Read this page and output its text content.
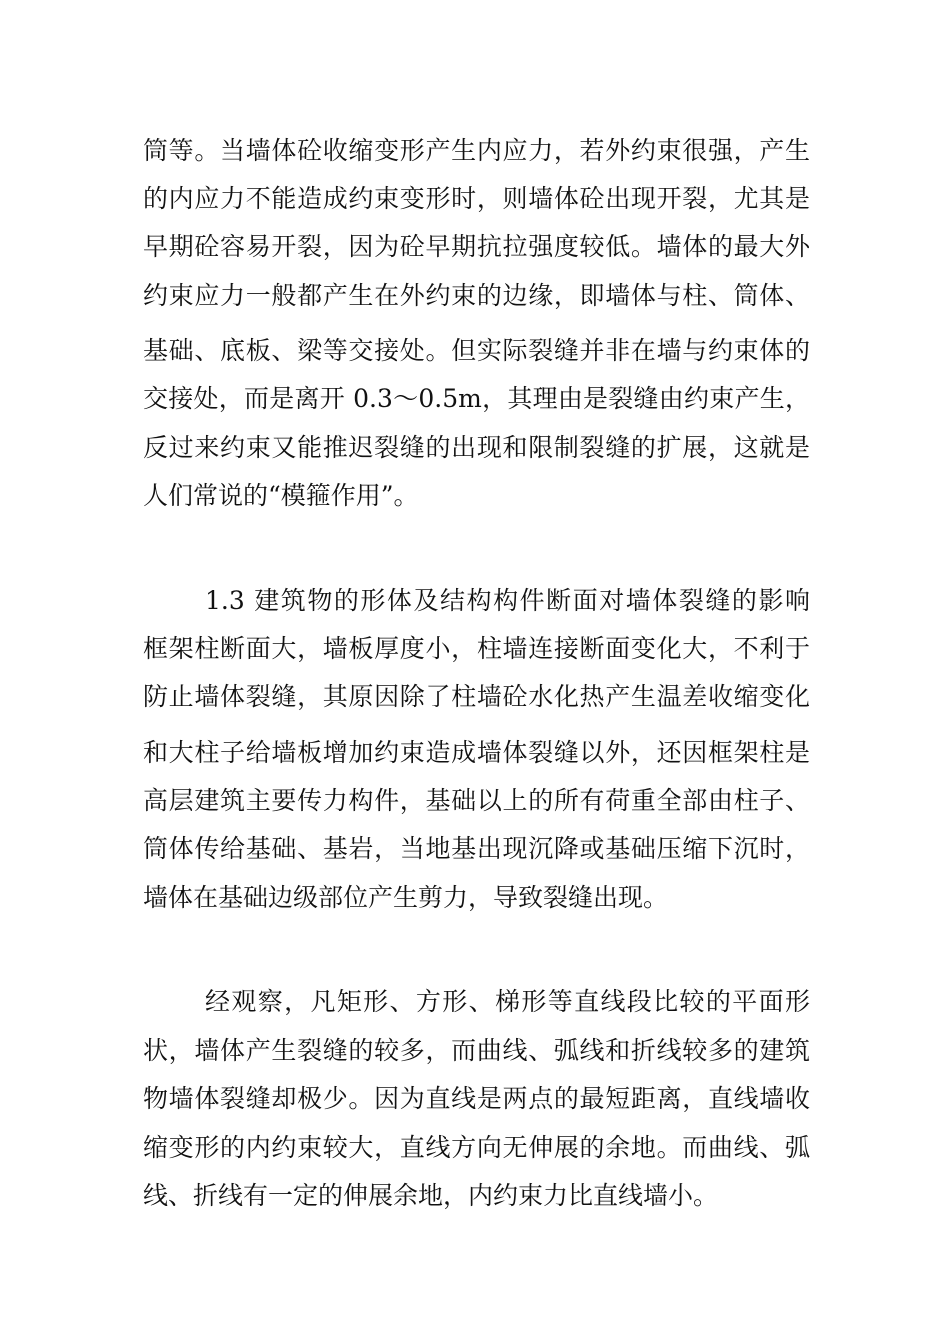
筒等。当墙体砼收缩变形产生内应力，若外约束很强，产生
的内应力不能造成约束变形时，则墙体砼出现开裂，尤其是
早期砼容易开裂，因为砼早期抗拉强度较低。墙体的最大外
约束应力一般都产生在外约束的边缘，即墙体与柱、筒体、
基础、底板、梁等交接处。但实际裂缝并非在墙与约束体的
交接处，而是离开 0.3～0.5m，其理由是裂缝由约束产生，
反过来约束又能推迟裂缝的出现和限制裂缝的扩展，这就是
人们常说的“模箍作用”。
1.3 建筑物的形体及结构构件断面对墙体裂缝的影响
框架柱断面大，墙板厚度小，柱墙连接断面变化大，不利于
防止墙体裂缝，其原因除了柱墙砼水化热产生温差收缩变化
和大柱子给墙板增加约束造成墙体裂缝以外，还因框架柱是
高层建筑主要传力构件，基础以上的所有荷重全部由柱子、
筒体传给基础、基岩，当地基出现沉降或基础压缩下沉时，
墙体在基础边级部位产生剪力，导致裂缝出现。
经观察，凡矩形、方形、梯形等直线段比较的平面形
状，墙体产生裂缝的较多，而曲线、弧线和折线较多的建筑
物墙体裂缝却极少。因为直线是两点的最短距离，直线墙收
缩变形的内约束较大，直线方向无伸展的余地。而曲线、弧
线、折线有一定的伸展余地，内约束力比直线墙小。
